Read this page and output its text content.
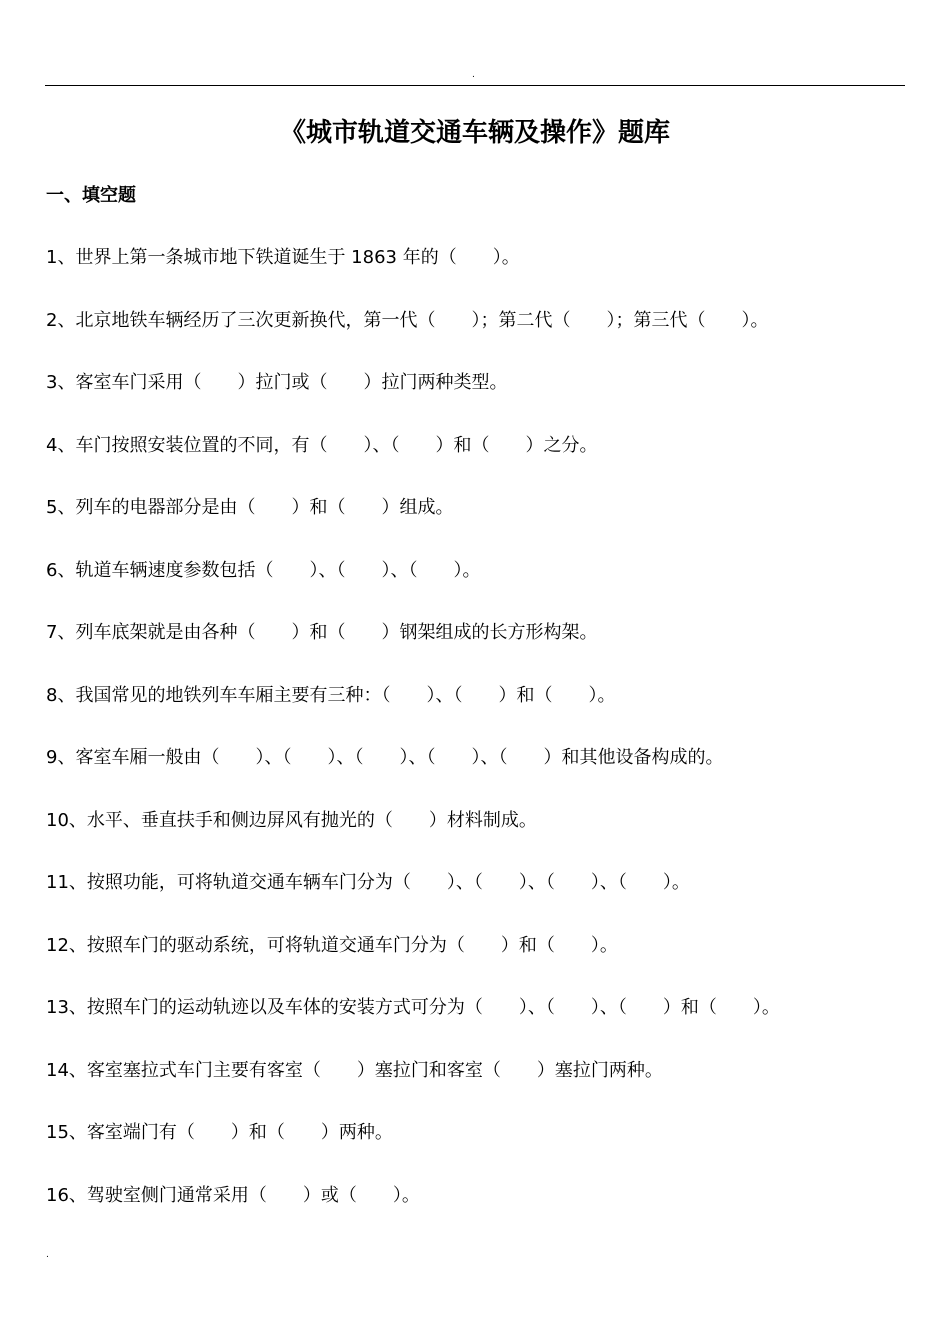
.
《城市轨道交通车辆及操作》题库
一、填空题
1、世界上第一条城市地下铁道诞生于 1863 年的（　　）。
2、北京地铁车辆经历了三次更新换代，第一代（　　）；第二代（　　）；第三代（　　）。
3、客室车门采用（　　）拉门或（　　）拉门两种类型。
4、车门按照安装位置的不同，有（　　）、（　　）和（　　）之分。
5、列车的电器部分是由（　　）和（　　）组成。
6、轨道车辆速度参数包括（　　）、（　　）、（　　）。
7、列车底架就是由各种（　　）和（　　）钢架组成的长方形构架。
8、我国常见的地铁列车车厢主要有三种：（　　）、（　　）和（　　）。
9、客室车厢一般由（　　）、（　　）、（　　）、（　　）、（　　）和其他设备构成的。
10、水平、垂直扶手和侧边屏风有抛光的（　　）材料制成。
11、按照功能，可将轨道交通车辆车门分为（　　）、（　　）、（　　）、（　　）。
12、按照车门的驱动系统，可将轨道交通车门分为（　　）和（　　）。
13、按照车门的运动轨迹以及车体的安装方式可分为（　　）、（　　）、（　　）和（　　）。
14、客室塞拉式车门主要有客室（　　）塞拉门和客室（　　）塞拉门两种。
15、客室端门有（　　）和（　　）两种。
16、驾驶室侧门通常采用（　　）或（　　）。
.
